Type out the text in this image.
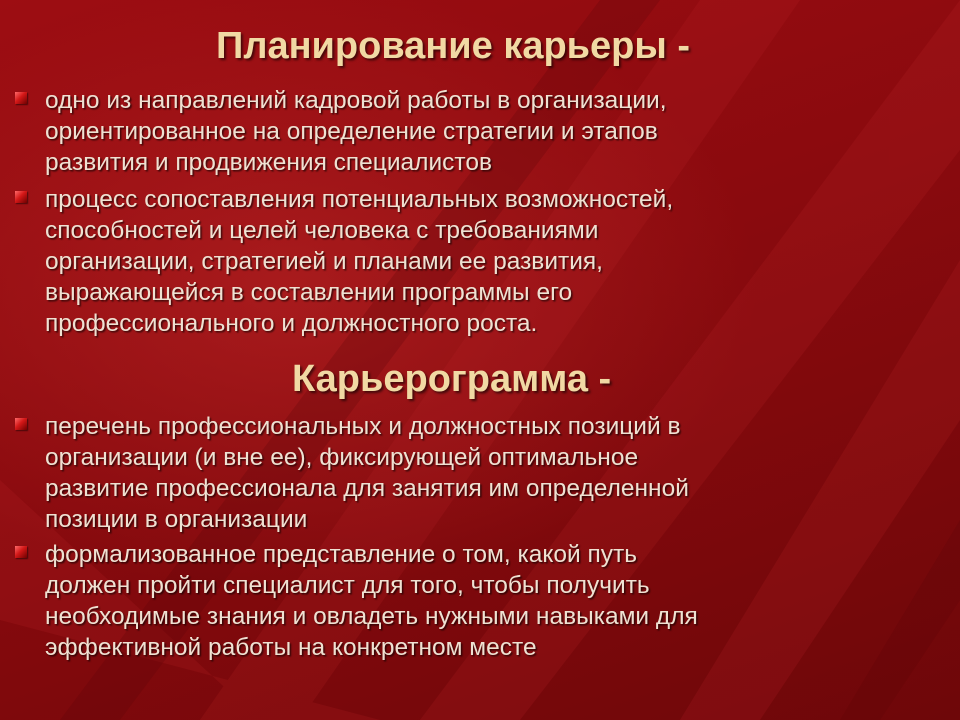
Планирование карьеры -
одно из направлений кадровой работы в организации,
ориентированное на определение стратегии и этапов
развития и продвижения специалистов
процесс сопоставления потенциальных возможностей,
способностей и целей человека с требованиями
организации, стратегией и планами ее развития,
выражающейся в составлении программы его
профессионального и должностного роста.
Карьерограмма -
перечень профессиональных и должностных позиций в
организации (и вне ее), фиксирующей оптимальное
развитие профессионала для занятия им определенной
позиции в организации
формализованное представление о том, какой путь
должен пройти специалист для того, чтобы получить
необходимые знания и овладеть нужными навыками для
эффективной работы на конкретном месте
